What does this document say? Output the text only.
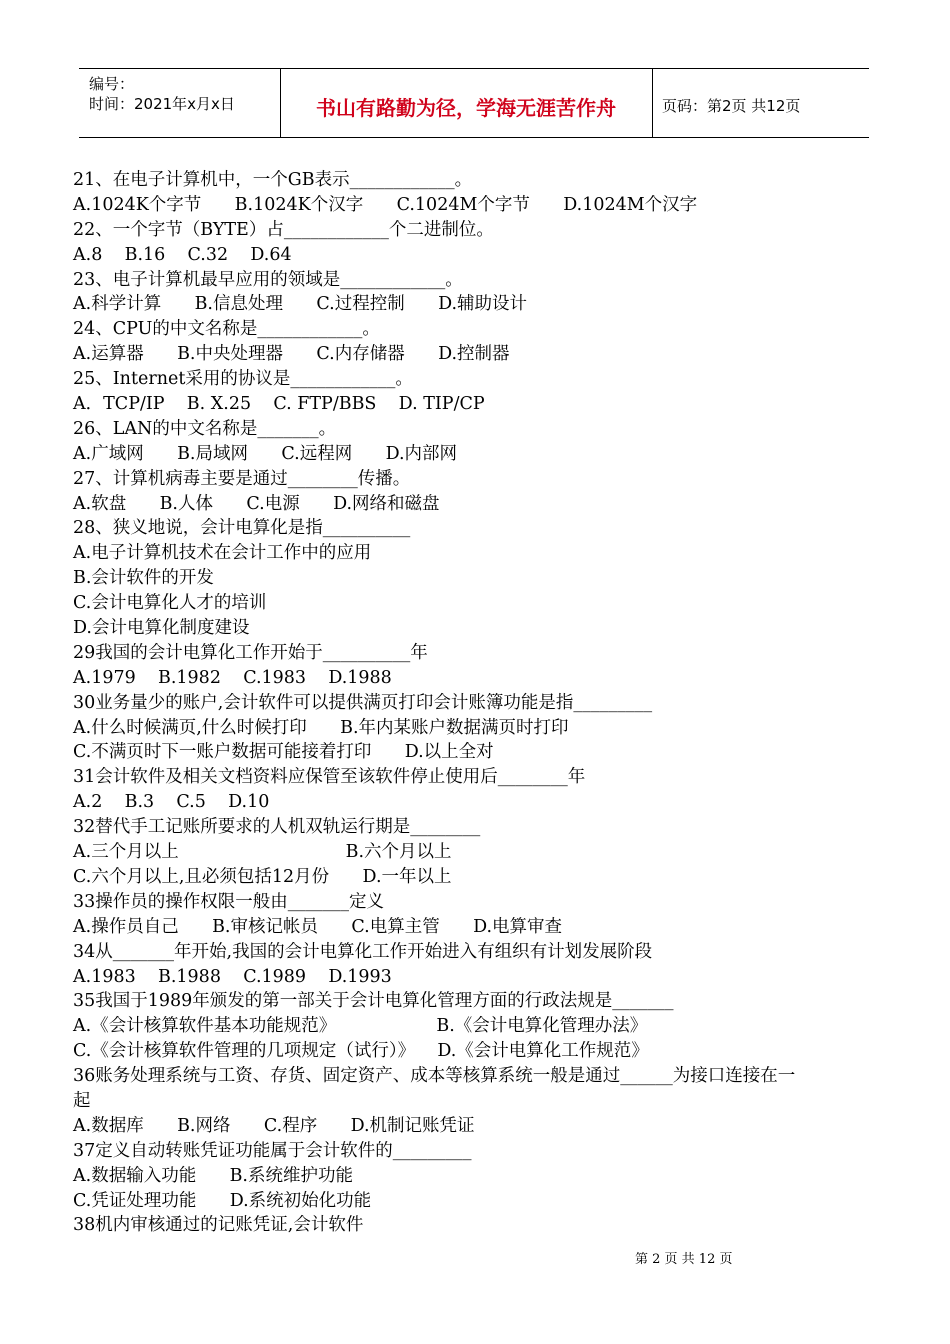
编号：
时间：2021年x月x日	书山有路勤为径，学海无涯苦作舟	页码：第2页 共12页
21、在电子计算机中，一个GB表示____________。
A.1024K个字节      B.1024K个汉字      C.1024M个字节      D.1024M个汉字
22、一个字节（BYTE）占____________个二进制位。
A.8    B.16    C.32    D.64
23、电子计算机最早应用的领域是____________。
A.科学计算      B.信息处理      C.过程控制      D.辅助设计
24、CPU的中文名称是____________。
A.运算器      B.中央处理器      C.内存储器      D.控制器
25、Internet采用的协议是____________。
A．TCP/IP    B. X.25    C. FTP/BBS    D. TIP/CP
26、LAN的中文名称是_______。
A.广域网      B.局域网      C.远程网      D.内部网
27、计算机病毒主要是通过________传播。
A.软盘      B.人体      C.电源      D.网络和磁盘
28、狭义地说，会计电算化是指__________
A.电子计算机技术在会计工作中的应用
B.会计软件的开发
C.会计电算化人才的培训
D.会计电算化制度建设
29我国的会计电算化工作开始于__________年
A.1979    B.1982    C.1983    D.1988
30业务量少的账户,会计软件可以提供满页打印会计账簿功能是指_________
A.什么时候满页,什么时候打印      B.年内某账户数据满页时打印
C.不满页时下一账户数据可能接着打印      D.以上全对
31会计软件及相关文档资料应保管至该软件停止使用后________年
A.2    B.3    C.5    D.10
32替代手工记账所要求的人机双轨运行期是________
A.三个月以上                              B.六个月以上
C.六个月以上,且必须包括12月份      D.一年以上
33操作员的操作权限一般由_______定义
A.操作员自己      B.审核记帐员      C.电算主管      D.电算审查
34从_______年开始,我国的会计电算化工作开始进入有组织有计划发展阶段
A.1983    B.1988    C.1989    D.1993
35我国于1989年颁发的第一部关于会计电算化管理方面的行政法规是_______
A.《会计核算软件基本功能规范》                  B.《会计电算化管理办法》
C.《会计核算软件管理的几项规定（试行）》    D.《会计电算化工作规范》
36账务处理系统与工资、存货、固定资产、成本等核算系统一般是通过______为接口连接在一
起
A.数据库      B.网络      C.程序      D.机制记账凭证
37定义自动转账凭证功能属于会计软件的_________
A.数据输入功能      B.系统维护功能
C.凭证处理功能      D.系统初始化功能
38机内审核通过的记账凭证,会计软件
第 2 页 共 12 页
